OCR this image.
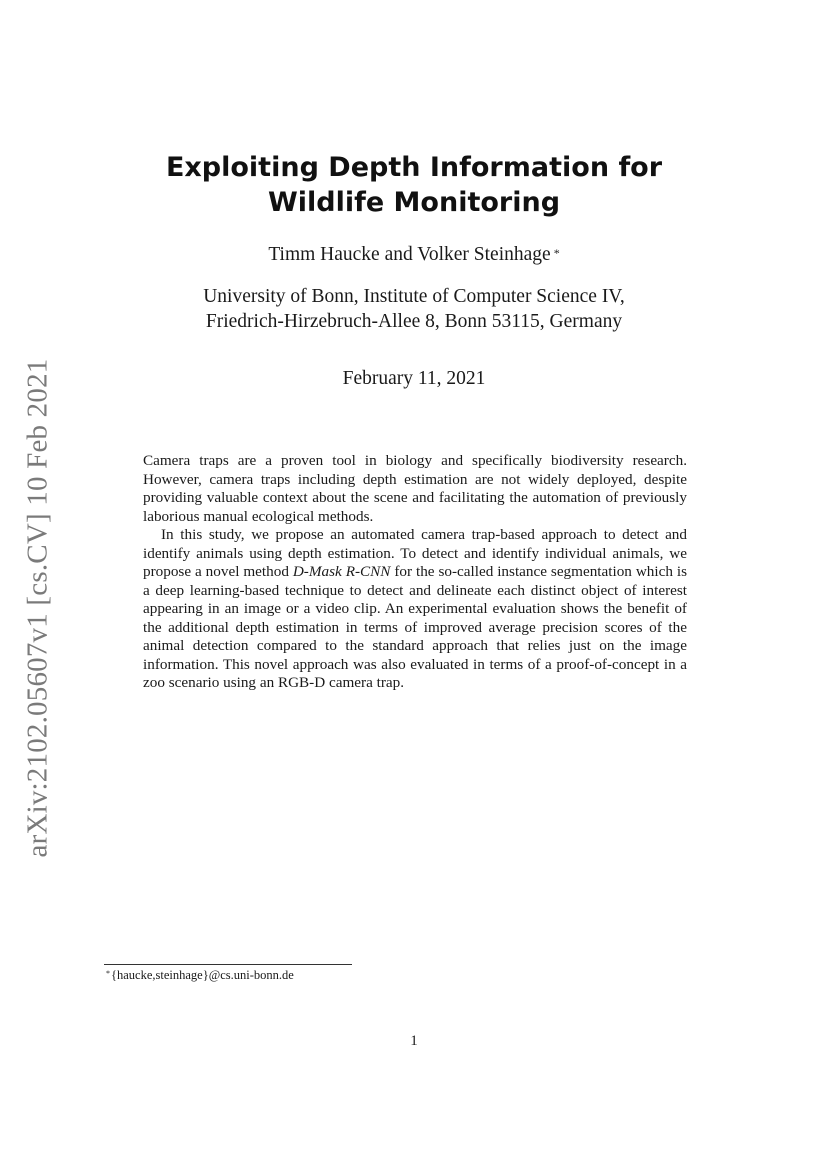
arXiv:2102.05607v1 [cs.CV] 10 Feb 2021
Exploiting Depth Information for Wildlife Monitoring
Timm Haucke and Volker Steinhage *
University of Bonn, Institute of Computer Science IV,
Friedrich-Hirzebruch-Allee 8, Bonn 53115, Germany
February 11, 2021

Camera traps are a proven tool in biology and specifically biodiversity research. However, camera traps including depth estimation are not widely deployed, despite providing valuable context about the scene and facilitating the automation of previously laborious manual ecological methods.

In this study, we propose an automated camera trap-based approach to detect and identify animals using depth estimation. To detect and identify individual animals, we propose a novel method D-Mask R-CNN for the so-called instance segmentation which is a deep learning-based technique to detect and delineate each distinct object of interest appearing in an image or a video clip. An experimental evaluation shows the benefit of the additional depth estimation in terms of improved average precision scores of the animal detection compared to the standard approach that relies just on the image information. This novel approach was also evaluated in terms of a proof-of-concept in a zoo scenario using an RGB-D camera trap.

*{haucke,steinhage}@cs.uni-bonn.de
1
